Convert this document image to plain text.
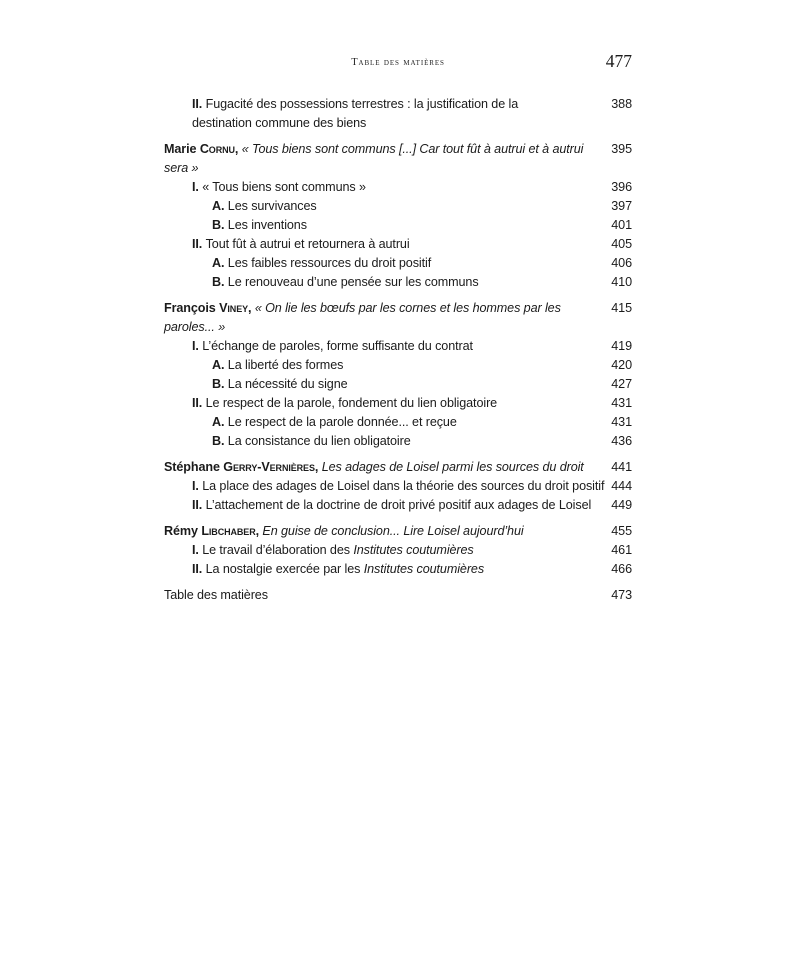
Table des matières	477
II. Fugacité des possessions terrestres : la justification de la
destination commune des biens
388
Marie Cornu, « Tous biens sont communs [...] Car tout fût à autrui et à autrui
sera »
395
I. « Tous biens sont communs »	396
A. Les survivances	397
B. Les inventions	401
II. Tout fût à autrui et retournera à autrui	405
A. Les faibles ressources du droit positif	406
B. Le renouveau d’une pensée sur les communs	410
François Viney, « On lie les bœufs par les cornes et les hommes par les
paroles... »
415
I. L’échange de paroles, forme suffisante du contrat	419
A. La liberté des formes	420
B. La nécessité du signe	427
II. Le respect de la parole, fondement du lien obligatoire	431
A. Le respect de la parole donnée... et reçue	431
B. La consistance du lien obligatoire	436
Stéphane Gerry-Vernières, Les adages de Loisel parmi les sources du droit	441
I. La place des adages de Loisel dans la théorie des sources du droit positif 444
II. L’attachement de la doctrine de droit privé positif aux adages de Loisel	449
Rémy Libchaber, En guise de conclusion... Lire Loisel aujourd’hui	455
I. Le travail d’élaboration des Institutes coutumières	461
II. La nostalgie exercée par les Institutes coutumières	466
Table des matières	473
